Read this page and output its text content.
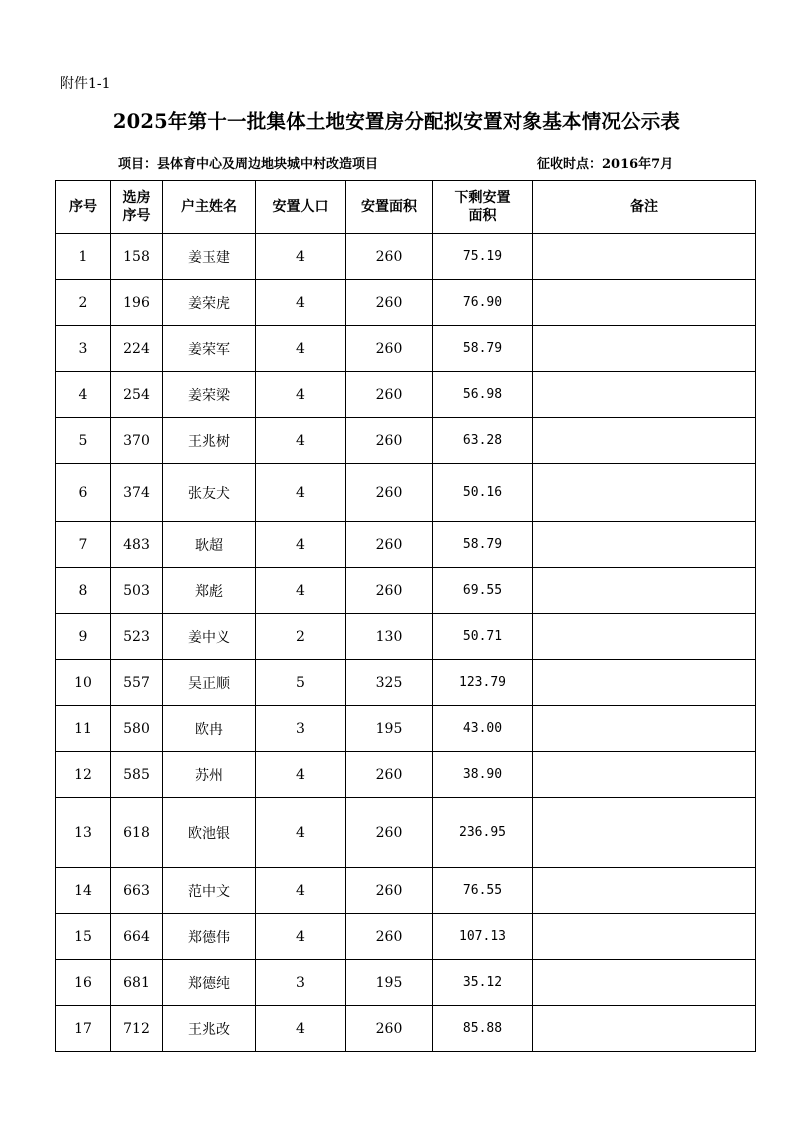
附件1-1
2025年第十一批集体土地安置房分配拟安置对象基本情况公示表
项目：县体育中心及周边地块城中村改造项目	征收时点：2016年7月
序号	选房序号	户主姓名	安置人口	安置面积	下剩安置面积	备注
1	158	姜玉建	4	260	75.19	
2	196	姜荣虎	4	260	76.90	
3	224	姜荣军	4	260	58.79	
4	254	姜荣梁	4	260	56.98	
5	370	王兆树	4	260	63.28	
6	374	张友犬	4	260	50.16	
7	483	耿超	4	260	58.79	
8	503	郑彪	4	260	69.55	
9	523	姜中义	2	130	50.71	
10	557	吴正顺	5	325	123.79	
11	580	欧冉	3	195	43.00	
12	585	苏州	4	260	38.90	
13	618	欧池银	4	260	236.95	
14	663	范中文	4	260	76.55	
15	664	郑德伟	4	260	107.13	
16	681	郑德纯	3	195	35.12	
17	712	王兆改	4	260	85.88	
